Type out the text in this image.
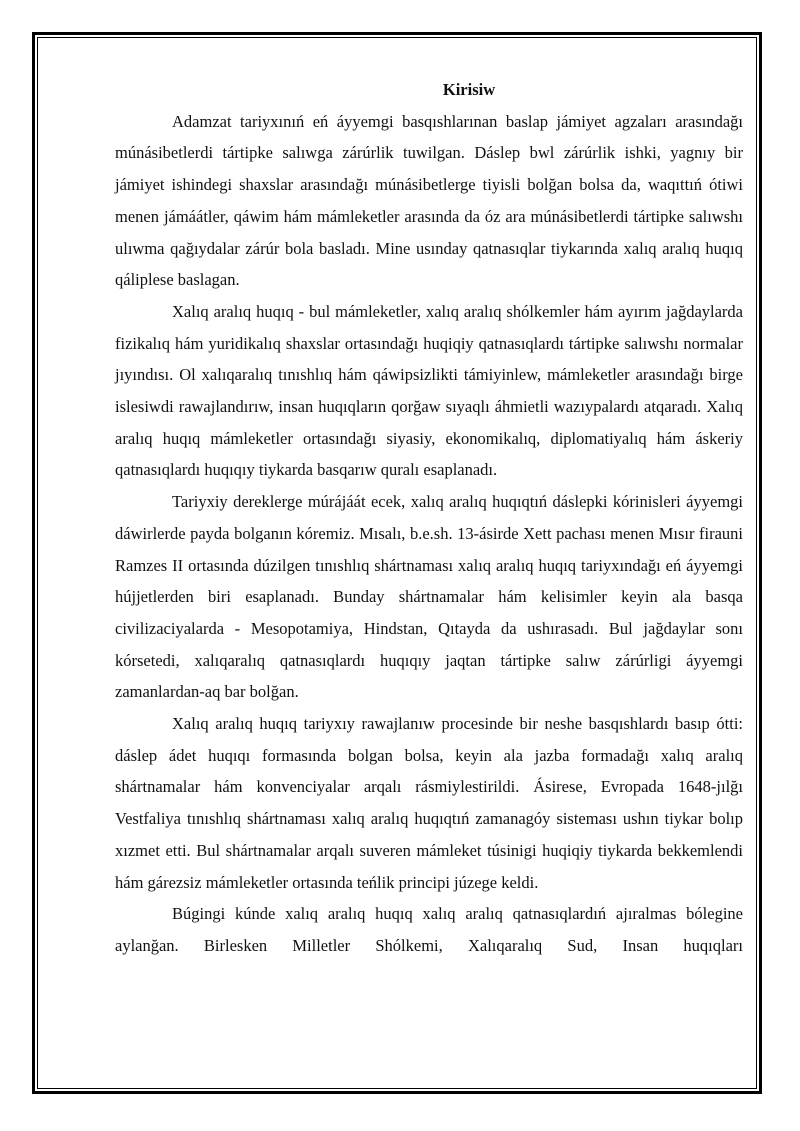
Kirisiw

Adamzat tariyxınıń eń áyyemgi basqıshlarınan baslap jámiyet agzaları arasındağı múnásibetlerdi tártipke salıwga zárúrlik tuwilgan. Dáslep bwl zárúrlik ishki, yagnıy bir jámiyet ishindegi shaxslar arasındağı múnásibetlerge tiyisli bolğan bolsa da, waqıttıń ótiwi menen jámáátler, qáwim hám mámleketler arasında da óz ara múnásibetlerdi tártipke salıwshı ulıwma qağıydalar zárúr bola basladı. Mine usınday qatnasıqlar tiykarında xalıq aralıq huqıq qáliplese baslagan.

Xalıq aralıq huqıq - bul mámleketler, xalıq aralıq shólkemler hám ayırım jağdaylarda fizikalıq hám yuridikalıq shaxslar ortasındağı huqiqiy qatnasıqlardı tártipke salıwshı normalar jıyındısı. Ol xalıqaralıq tınıshlıq hám qáwipsizlikti támiyinlew, mámleketler arasındağı birge islesiwdi rawajlandırıw, insan huqıqların qorğaw sıyaqlı áhmietli wazıypalardı atqaradı. Xalıq aralıq huqıq mámleketler ortasındağı siyasiy, ekonomikalıq, diplomatiyalıq hám áskeriy qatnasıqlardı huqıqıy tiykarda basqarıw quralı esaplanadı.

Tariyxiy dereklerge múrájáát ecek, xalıq aralıq huqıqtıń dáslepki kórinisleri áyyemgi dáwirlerde payda bolganın kóremiz. Mısalı, b.e.sh. 13-ásirde Xett pachası menen Mısır firauni Ramzes II ortasında dúzilgen tınıshlıq shártnaması xalıq aralıq huqıq tariyxındağı eń áyyemgi hújjetlerden biri esaplanadı. Bunday shártnamalar hám kelisimler keyin ala basqa civilizaciyalarda - Mesopotamiya, Hindstan, Qıtayda da ushırasadı. Bul jağdaylar sonı kórsetedi, xalıqaralıq qatnasıqlardı huqıqıy jaqtan tártipke salıw zárúrligi áyyemgi zamanlardan-aq bar bolğan.

Xalıq aralıq huqıq tariyxıy rawajlanıw procesinde bir neshe basqıshlardı basıp ótti: dáslep ádet huqıqı formasında bolgan bolsa, keyin ala jazba formadağı xalıq aralıq shártnamalar hám konvenciyalar arqalı rásmiylestirildi. Ásirese, Evropada 1648-jılğı Vestfaliya tınıshlıq shártnaması xalıq aralıq huqıqtıń zamanagóy sisteması ushın tiykar bolıp xızmet etti. Bul shártnamalar arqalı suveren mámleket túsinigi huqiqiy tiykarda bekkemlendi hám gárezsiz mámleketler ortasında teńlik principi júzege keldi.

Búgingi kúnde xalıq aralıq huqıq xalıq aralıq qatnasıqlardıń ajıralmas bólegine aylanğan. Birlesken Milletler Shólkemi, Xalıqaralıq Sud, Insan huqıqları
